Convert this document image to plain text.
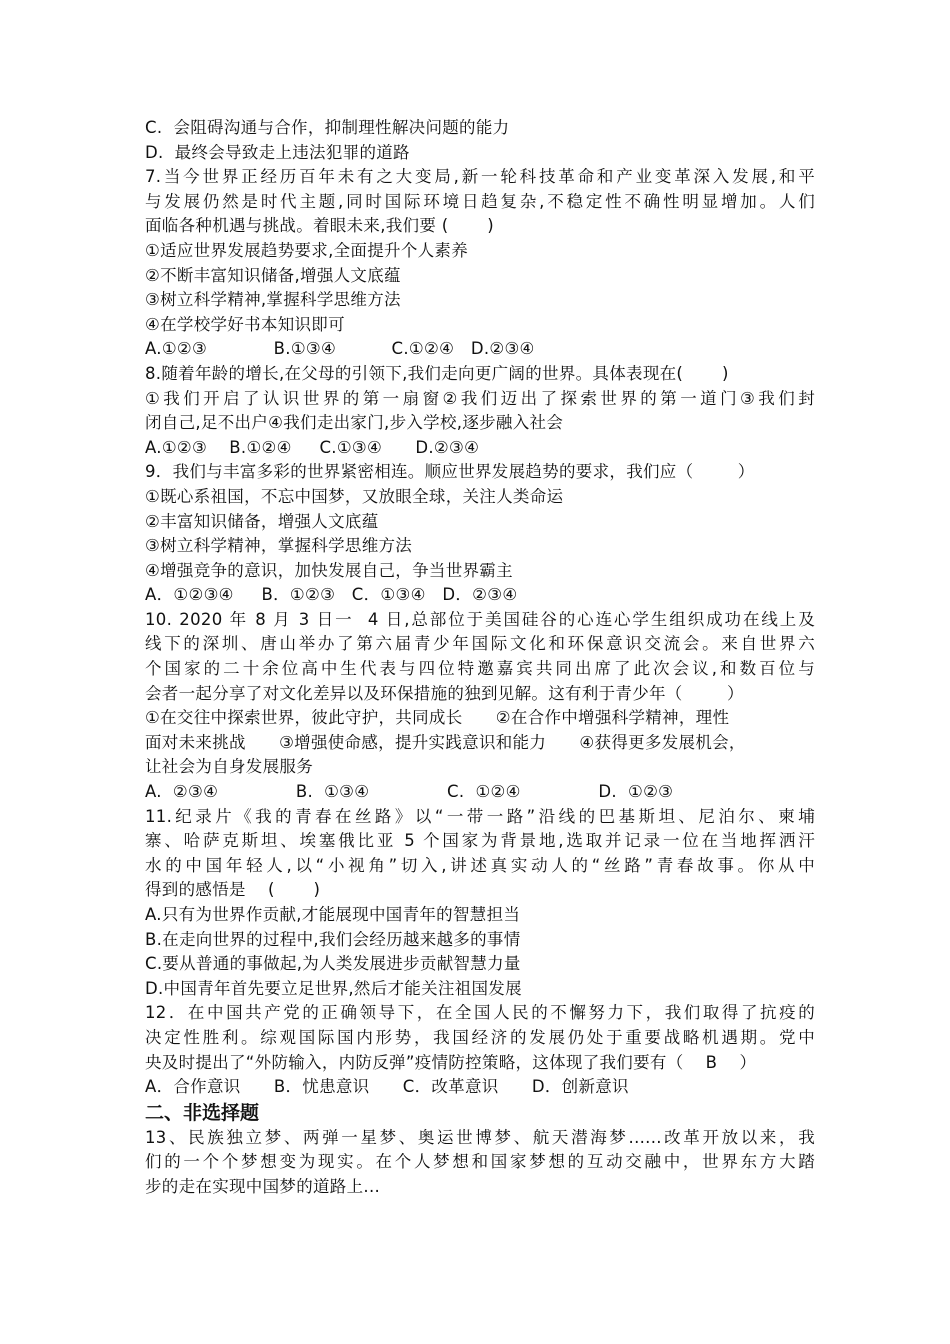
C.  会阻碍沟通与合作，抑制理性解决问题的能力
D.  最终会导致走上违法犯罪的道路
7.当今世界正经历百年未有之大变局,新一轮科技革命和产业变革深入发展,和平
与发展仍然是时代主题,同时国际环境日趋复杂,不稳定性不确性明显增加。人们
面临各种机遇与挑战。着眼未来,我们要 (       )
①适应世界发展趋势要求,全面提升个人素养
②不断丰富知识储备,增强人文底蕴
③树立科学精神,掌握科学思维方法
④在学校学好书本知识即可
A.①②③            B.①③④          C.①②④   D.②③④
8.随着年龄的增长,在父母的引领下,我们走向更广阔的世界。具体表现在(       )
①我们开启了认识世界的第一扇窗②我们迈出了探索世界的第一道门③我们封
闭自己,足不出户④我们走出家门,步入学校,逐步融入社会
A.①②③    B.①②④     C.①③④      D.②③④
9．我们与丰富多彩的世界紧密相连。顺应世界发展趋势的要求，我们应（        ）
①既心系祖国，不忘中国梦，又放眼全球，关注人类命运
②丰富知识储备，增强人文底蕴
③树立科学精神，掌握科学思维方法
④增强竞争的意识，加快发展自己，争当世界霸主
A．①②③④     B．①②③   C．①③④   D．②③④
10. 2020 年 8 月 3 日一  4 日,总部位于美国硅谷的心连心学生组织成功在线上及
线下的深圳、唐山举办了第六届青少年国际文化和环保意识交流会。来自世界六
个国家的二十余位高中生代表与四位特邀嘉宾共同出席了此次会议,和数百位与
会者一起分享了对文化差异以及环保措施的独到见解。这有利于青少年（        ）
①在交往中探索世界，彼此守护，共同成长      ②在合作中增强科学精神，理性
面对未来挑战      ③增强使命感，提升实践意识和能力      ④获得更多发展机会，
让社会为自身发展服务
A.  ②③④              B.  ①③④              C.  ①②④              D.  ①②③
11.纪录片《我的青春在丝路》以“一带一路”沿线的巴基斯坦、尼泊尔、柬埔
寨、哈萨克斯坦、埃塞俄比亚 5 个国家为背景地,选取并记录一位在当地挥洒汗
水的中国年轻人,以“小视角”切入,讲述真实动人的“丝路”青春故事。你从中
得到的感悟是    (       )
A.只有为世界作贡献,才能展现中国青年的智慧担当
B.在走向世界的过程中,我们会经历越来越多的事情
C.要从普通的事做起,为人类发展进步贡献智慧力量
D.中国青年首先要立足世界,然后才能关注祖国发展
12．在中国共产党的正确领导下，在全国人民的不懈努力下，我们取得了抗疫的
决定性胜利。综观国际国内形势，我国经济的发展仍处于重要战略机遇期。党中
央及时提出了“外防输入，内防反弹”疫情防控策略，这体现了我们要有（    B    ）
A．合作意识      B．忧患意识      C．改革意识      D．创新意识
二、非选择题
13、民族独立梦、两弹一星梦、奥运世博梦、航天潜海梦......改革开放以来，我
们的一个个梦想变为现实。在个人梦想和国家梦想的互动交融中，世界东方大踏
步的走在实现中国梦的道路上...
